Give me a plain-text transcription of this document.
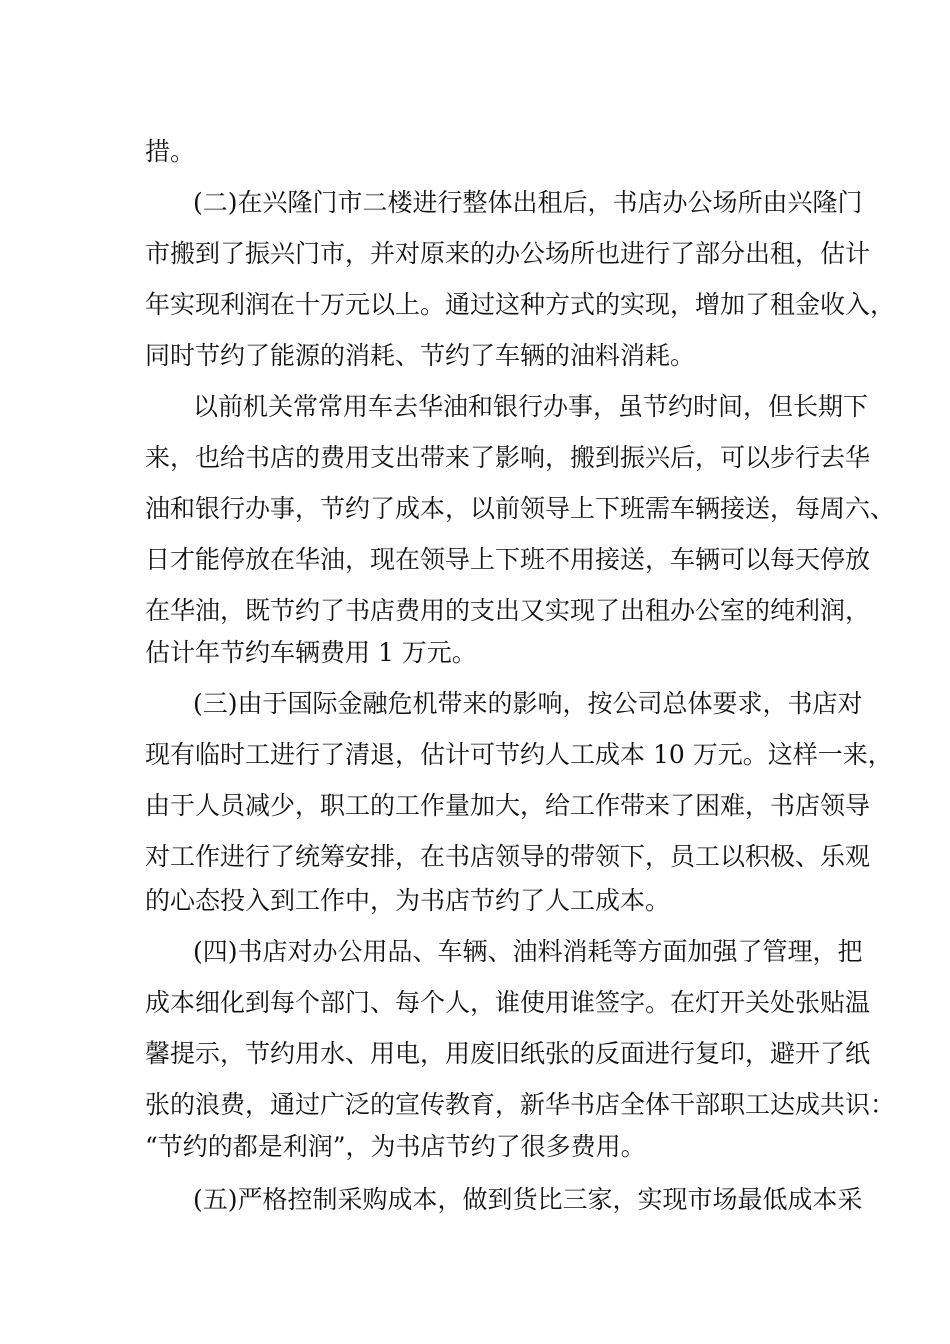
措。
(二)在兴隆门市二楼进行整体出租后，书店办公场所由兴隆门
市搬到了振兴门市，并对原来的办公场所也进行了部分出租，估计
年实现利润在十万元以上。通过这种方式的实现，增加了租金收入，
同时节约了能源的消耗、节约了车辆的油料消耗。
以前机关常常用车去华油和银行办事，虽节约时间，但长期下
来，也给书店的费用支出带来了影响，搬到振兴后，可以步行去华
油和银行办事，节约了成本，以前领导上下班需车辆接送，每周六、
日才能停放在华油，现在领导上下班不用接送，车辆可以每天停放
在华油，既节约了书店费用的支出又实现了出租办公室的纯利润，
估计年节约车辆费用 1 万元。
(三)由于国际金融危机带来的影响，按公司总体要求，书店对
现有临时工进行了清退，估计可节约人工成本 10 万元。这样一来，
由于人员减少，职工的工作量加大，给工作带来了困难，书店领导
对工作进行了统筹安排，在书店领导的带领下，员工以积极、乐观
的心态投入到工作中，为书店节约了人工成本。
(四)书店对办公用品、车辆、油料消耗等方面加强了管理，把
成本细化到每个部门、每个人，谁使用谁签字。在灯开关处张贴温
馨提示，节约用水、用电，用废旧纸张的反面进行复印，避开了纸
张的浪费，通过广泛的宣传教育，新华书店全体干部职工达成共识：
“节约的都是利润”，为书店节约了很多费用。
(五)严格控制采购成本，做到货比三家，实现市场最低成本采
